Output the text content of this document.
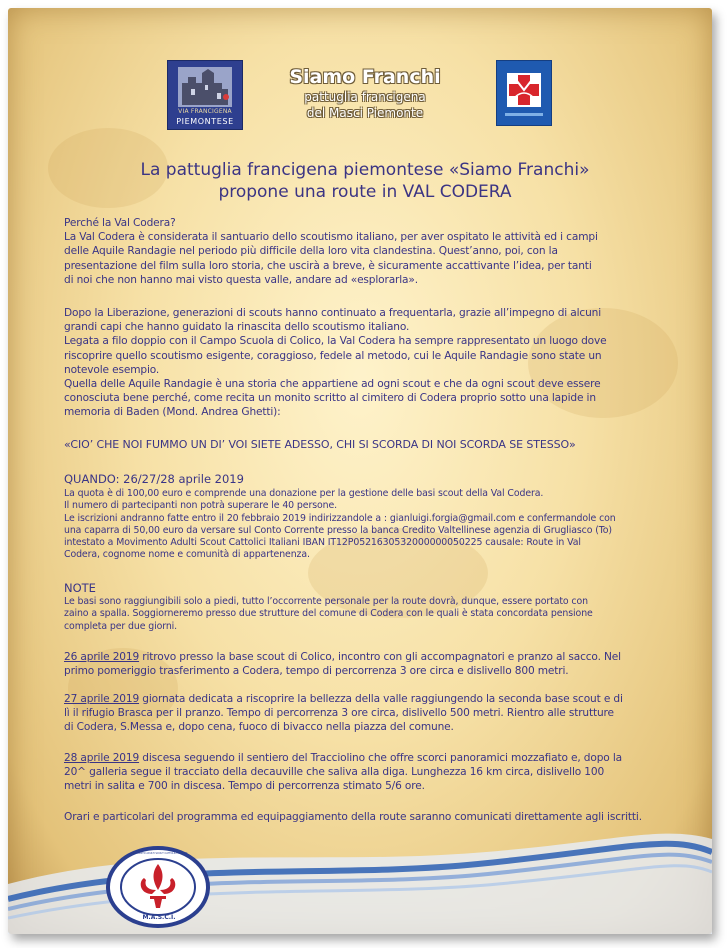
VIA FRANCIGENA
PIEMONTESE
Siamo Franchi
pattuglia francigena
del Masci Piemonte
La pattuglia francigena piemontese «Siamo Franchi»
propone una route in VAL CODERA
Perché la Val Codera?
La Val Codera è considerata il santuario dello scoutismo italiano, per aver ospitato le attività ed i campi
delle Aquile Randagie nel periodo più difficile della loro vita clandestina. Quest’anno, poi, con la
presentazione del film sulla loro storia, che uscirà a breve, è sicuramente accattivante l’idea, per tanti
di noi che non hanno mai visto questa valle, andare ad «esplorarla».
Dopo la Liberazione, generazioni di scouts hanno continuato a frequentarla, grazie all’impegno di alcuni
grandi capi che hanno guidato la rinascita dello scoutismo italiano.
Legata a filo doppio con il Campo Scuola di Colico, la Val Codera ha sempre rappresentato un luogo dove
riscoprire quello scoutismo esigente, coraggioso, fedele al metodo, cui le Aquile Randagie sono state un
notevole esempio.
Quella delle Aquile Randagie è una storia che appartiene ad ogni scout e che da ogni scout deve essere
conosciuta bene perché, come recita un monito scritto al cimitero di Codera proprio sotto una lapide in
memoria di Baden (Mond. Andrea Ghetti):
«CIO’ CHE NOI FUMMO UN DI’ VOI SIETE ADESSO, CHI SI SCORDA DI NOI SCORDA SE STESSO»
QUANDO: 26/27/28 aprile 2019
La quota è di 100,00 euro e comprende una donazione per la gestione delle basi scout della Val Codera.
Il numero di partecipanti non potrà superare le 40 persone.
Le iscrizioni andranno fatte entro il 20 febbraio 2019 indirizzandole a : gianluigi.forgia@gmail.com e confermandole con
una caparra di 50,00 euro da versare sul Conto Corrente presso la banca Credito Valtellinese agenzia di Grugliasco (To)
intestato a Movimento Adulti Scout Cattolici Italiani IBAN IT12P0521630532000000050225 causale: Route in Val
Codera, cognome nome e comunità di appartenenza.
NOTE
Le basi sono raggiungibili solo a piedi, tutto l’occorrente personale per la route dovrà, dunque, essere portato con
zaino a spalla. Soggiorneremo presso due strutture del comune di Codera con le quali è stata concordata pensione
completa per due giorni.
26 aprile 2019 ritrovo presso la base scout di Colico, incontro con gli accompagnatori e pranzo al sacco. Nel
primo pomeriggio trasferimento a Codera, tempo di percorrenza 3 ore circa e dislivello 800 metri.
27 aprile 2019 giornata dedicata a riscoprire la bellezza della valle raggiungendo la seconda base scout e di
lì il rifugio Brasca per il pranzo. Tempo di percorrenza 3 ore circa, dislivello 500 metri. Rientro alle strutture
di Codera, S.Messa e, dopo cena, fuoco di bivacco nella piazza del comune.
28 aprile 2019 discesa seguendo il sentiero del Tracciolino che offre scorci panoramici mozzafiato e, dopo la
20^ galleria segue il tracciato della decauville che saliva alla diga. Lunghezza 16 km circa, dislivello 100
metri in salita e 700 in discesa. Tempo di percorrenza stimato 5/6 ore.
Orari e particolari del programma ed equipaggiamento della route saranno comunicati direttamente agli iscritti.
MOVIMENTO ADULTI SCOUT CATTOLICI ITALIANI
M.A.S.C.I.
